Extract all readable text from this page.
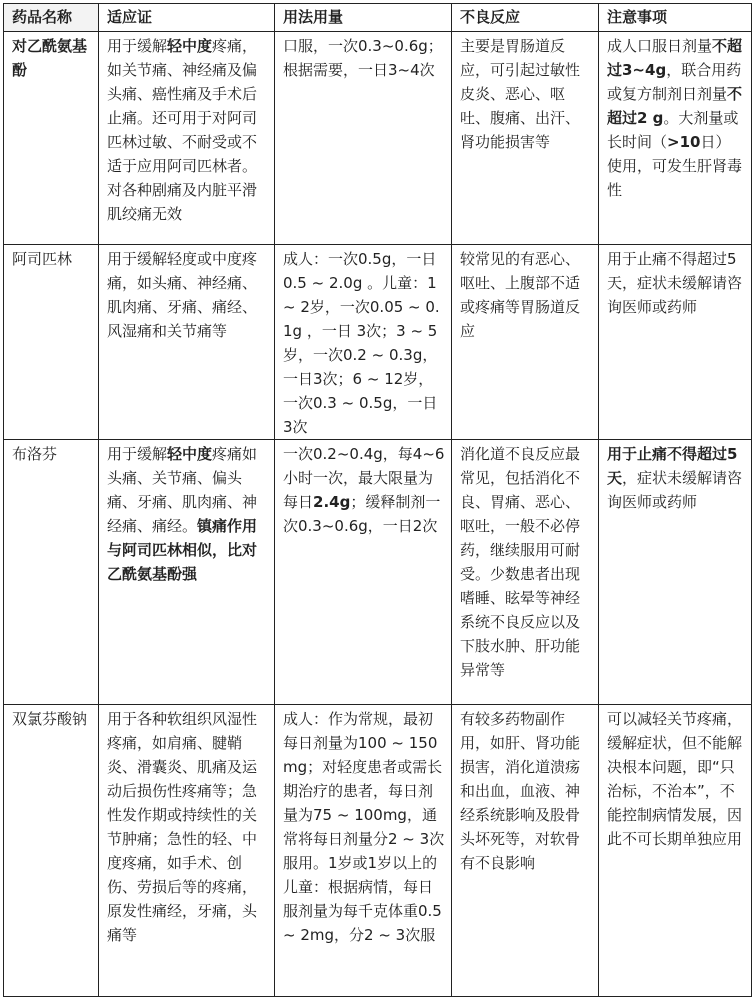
药品名称	适应证	用法用量	不良反应	注意事项
对乙酰氨基酚	用于缓解轻中度疼痛，如关节痛、神经痛及偏头痛、癌性痛及手术后止痛。还可用于对阿司匹林过敏、不耐受或不适于应用阿司匹林者。对各种剧痛及内脏平滑肌绞痛无效	口服，一次0.3~0.6g；根据需要，一日3~4次	主要是胃肠道反应，可引起过敏性皮炎、恶心、呕吐、腹痛、出汗、肾功能损害等	成人口服日剂量不超过3~4g，联合用药或复方制剂日剂量不超过2 g。大剂量或长时间（>10日）使用，可发生肝肾毒性
阿司匹林	用于缓解轻度或中度疼痛，如头痛、神经痛、肌肉痛、牙痛、痛经、风湿痛和关节痛等	成人：一次0.5g，一日 0.5 ~ 2.0g 。儿童：1 ~ 2岁，一次0.05 ~ 0.1g ，一日 3次；3 ~ 5岁，一次0.2 ~ 0.3g，一日3次；6 ~ 12岁，一次0.3 ~ 0.5g，一日3次	较常见的有恶心、呕吐、上腹部不适或疼痛等胃肠道反应	用于止痛不得超过5天，症状未缓解请咨询医师或药师
布洛芬	用于缓解轻中度疼痛如头痛、关节痛、偏头痛、牙痛、肌肉痛、神经痛、痛经。镇痛作用与阿司匹林相似，比对乙酰氨基酚强	一次0.2~0.4g，每4~6小时一次，最大限量为每日2.4g；缓释制剂一次0.3~0.6g，一日2次	消化道不良反应最常见，包括消化不良、胃痛、恶心、呕吐，一般不必停药，继续服用可耐受。少数患者出现嗜睡、眩晕等神经系统不良反应以及下肢水肿、肝功能异常等	用于止痛不得超过5天，症状未缓解请咨询医师或药师
双氯芬酸钠	用于各种软组织风湿性疼痛，如肩痛、腱鞘炎、滑囊炎、肌痛及运动后损伤性疼痛等；急性发作期或持续性的关节肿痛；急性的轻、中度疼痛，如手术、创伤、劳损后等的疼痛，原发性痛经，牙痛，头痛等	成人：作为常规，最初每日剂量为100 ~ 150mg；对轻度患者或需长期治疗的患者，每日剂量为75 ~ 100mg，通常将每日剂量分2 ~ 3次服用。1岁或1岁以上的儿童：根据病情，每日服剂量为每千克体重0.5 ~ 2mg，分2 ~ 3次服	有较多药物副作用，如肝、肾功能损害，消化道溃疡和出血，血液、神经系统影响及股骨头坏死等，对软骨有不良影响	可以减轻关节疼痛，缓解症状，但不能解决根本问题，即“只治标，不治本”，不能控制病情发展，因此不可长期单独应用
